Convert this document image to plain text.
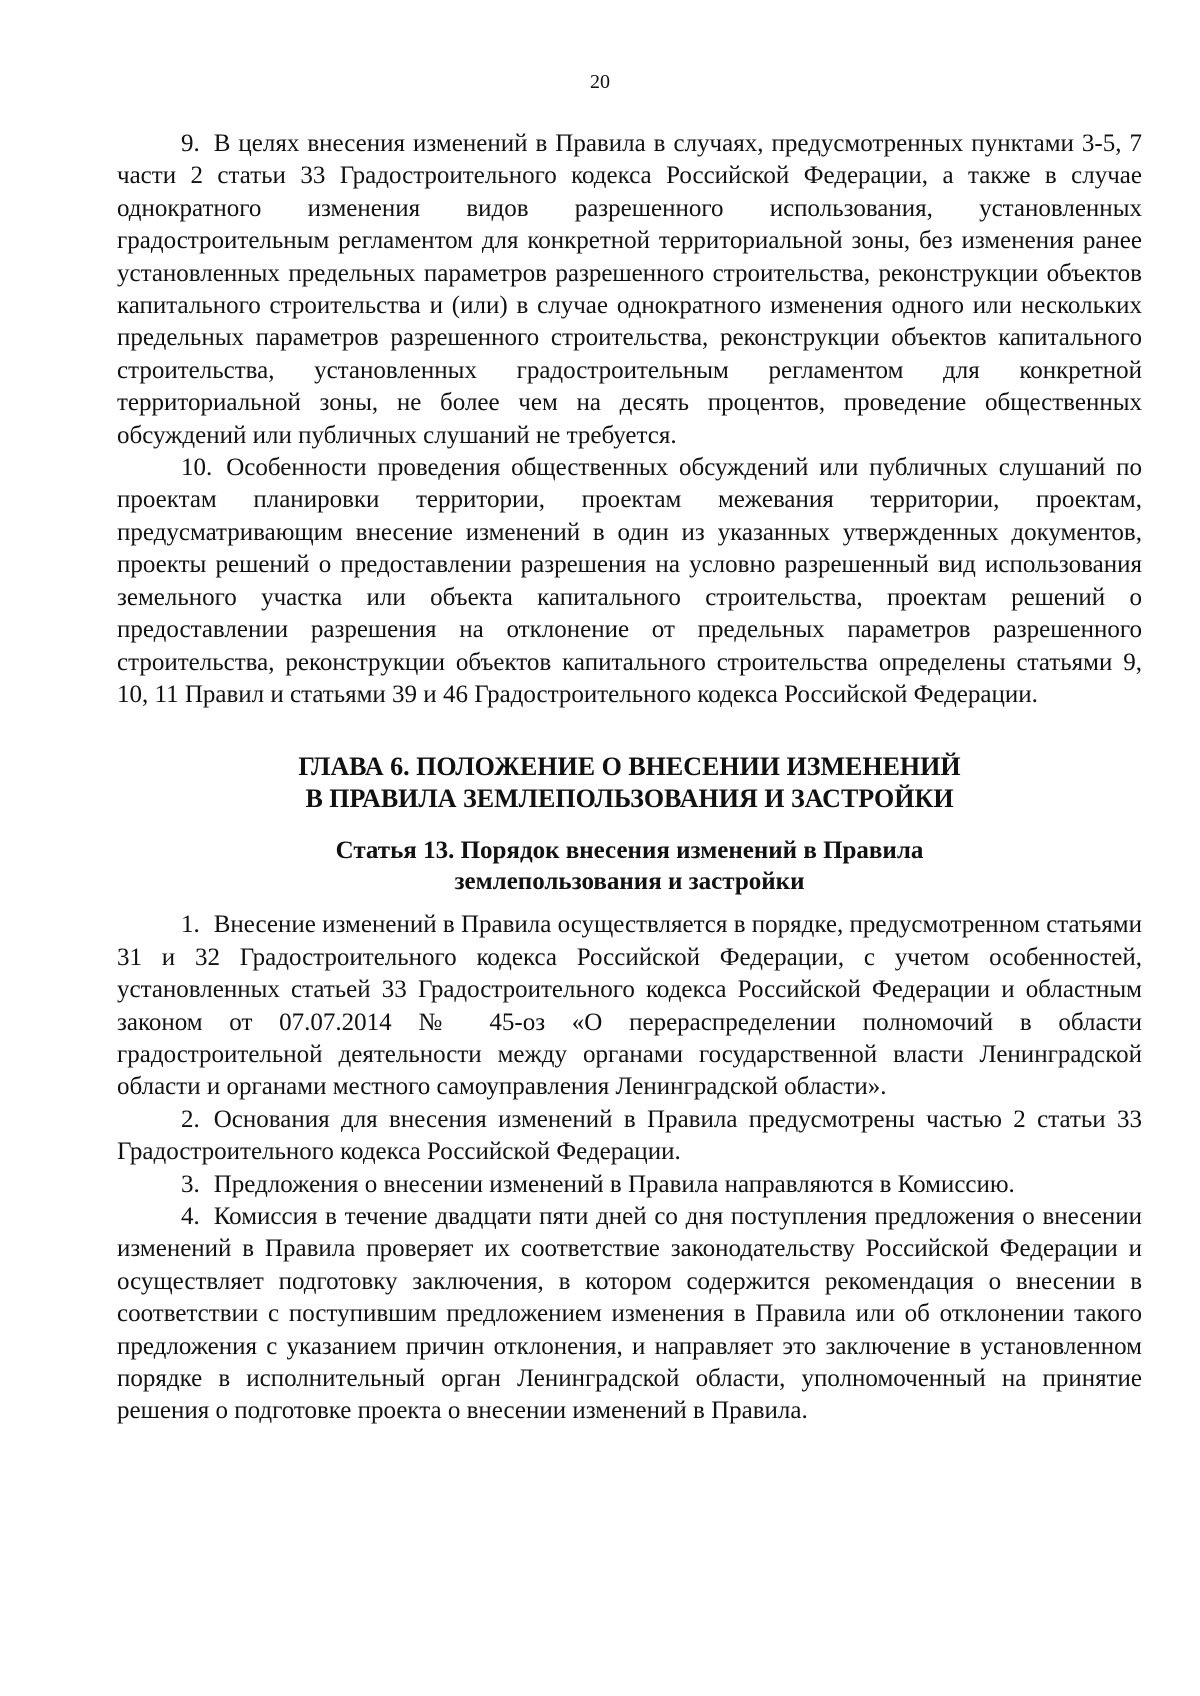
20

9. В целях внесения изменений в Правила в случаях, предусмотренных пунктами 3-5, 7 части 2 статьи 33 Градостроительного кодекса Российской Федерации, а также в случае однократного изменения видов разрешенного использования, установленных градостроительным регламентом для конкретной территориальной зоны, без изменения ранее установленных предельных параметров разрешенного строительства, реконструкции объектов капитального строительства и (или) в случае однократного изменения одного или нескольких предельных параметров разрешенного строительства, реконструкции объектов капитального строительства, установленных градостроительным регламентом для конкретной территориальной зоны, не более чем на десять процентов, проведение общественных обсуждений или публичных слушаний не требуется.

10. Особенности проведения общественных обсуждений или публичных слушаний по проектам планировки территории, проектам межевания территории, проектам, предусматривающим внесение изменений в один из указанных утвержденных документов, проекты решений о предоставлении разрешения на условно разрешенный вид использования земельного участка или объекта капитального строительства, проектам решений о предоставлении разрешения на отклонение от предельных параметров разрешенного строительства, реконструкции объектов капитального строительства определены статьями 9, 10, 11 Правил и статьями 39 и 46 Градостроительного кодекса Российской Федерации.

ГЛАВА 6. ПОЛОЖЕНИЕ О ВНЕСЕНИИ ИЗМЕНЕНИЙ
В ПРАВИЛА ЗЕМЛЕПОЛЬЗОВАНИЯ И ЗАСТРОЙКИ
Статья 13. Порядок внесения изменений в Правила
землепользования и застройки

1. Внесение изменений в Правила осуществляется в порядке, предусмотренном статьями 31 и 32 Градостроительного кодекса Российской Федерации, с учетом особенностей, установленных статьей 33 Градостроительного кодекса Российской Федерации и областным законом от 07.07.2014 № 45-оз «О перераспределении полномочий в области градостроительной деятельности между органами государственной власти Ленинградской области и органами местного самоуправления Ленинградской области».

2. Основания для внесения изменений в Правила предусмотрены частью 2 статьи 33 Градостроительного кодекса Российской Федерации.

3. Предложения о внесении изменений в Правила направляются в Комиссию.

4. Комиссия в течение двадцати пяти дней со дня поступления предложения о внесении изменений в Правила проверяет их соответствие законодательству Российской Федерации и осуществляет подготовку заключения, в котором содержится рекомендация о внесении в соответствии с поступившим предложением изменения в Правила или об отклонении такого предложения с указанием причин отклонения, и направляет это заключение в установленном порядке в исполнительный орган Ленинградской области, уполномоченный на принятие решения о подготовке проекта о внесении изменений в Правила.
